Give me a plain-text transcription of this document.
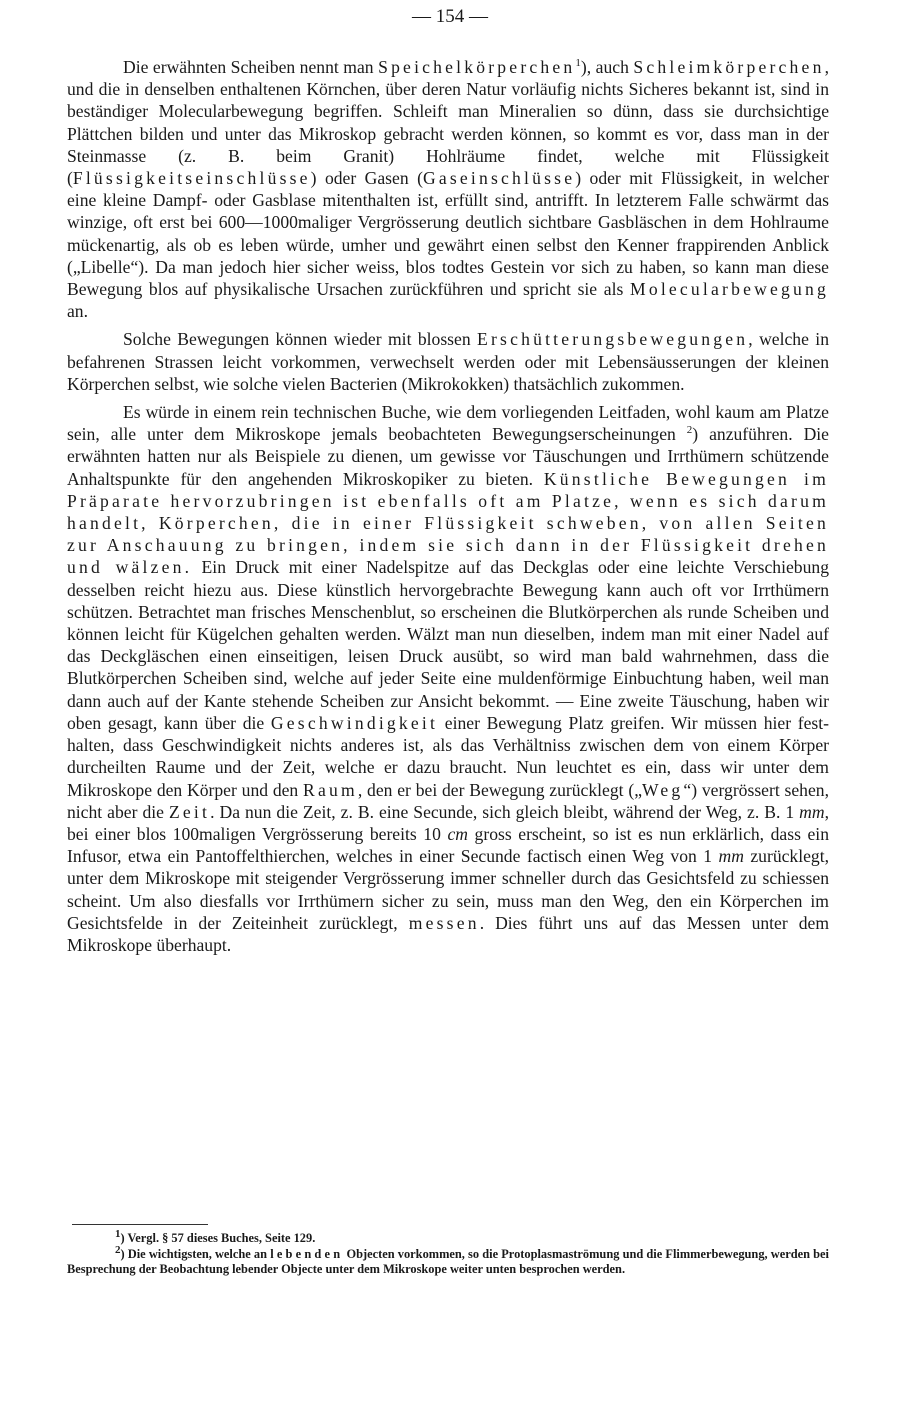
— 154 —

Die erwähnten Scheiben nennt man Speichelkörperchen$^1$), auch Schleimkörperchen, und die in denselben enthaltenen Körnchen, über deren Natur vorläufig nichts Sicheres bekannt ist, sind in beständiger Molecularbewegung begriffen. Schleift man Mineralien so dünn, dass sie durchsichtige Plättchen bilden und unter das Mikroskop gebracht werden können, so kommt es vor, dass man in der Steinmasse (z. B. beim Granit) Hohlräume findet, welche mit Flüssigkeit (Flüssigkeitseinschlüsse) oder Gasen (Gaseinschlüsse) oder mit Flüssigkeit, in welcher eine kleine Dampf- oder Gasblase mitenthalten ist, erfüllt sind, antrifft. In letzterem Falle schwärmt das winzige, oft erst bei 600—1000maliger Vergrösserung deutlich sichtbare Gasbläschen in dem Hohlraume mückenartig, als ob es leben würde, umher und gewährt einen selbst den Kenner frappirenden Anblick („Libelle“). Da man jedoch hier sicher weiss, blos todtes Gestein vor sich zu haben, so kann man diese Bewegung blos auf physikalische Ursachen zurückführen und spricht sie als Molecularbewegung an.

Solche Bewegungen können wieder mit blossen Erschütterungsbewegungen, welche in befahrenen Strassen leicht vorkommen, verwechselt werden oder mit Lebensäusserungen der kleinen Körperchen selbst, wie solche vielen Bacterien (Mikrokokken) thatsächlich zukommen.

Es würde in einem rein technischen Buche, wie dem vorliegenden Leitfaden, wohl kaum am Platze sein, alle unter dem Mikroskope jemals beobachteten Bewegungserscheinungen $^2$) anzuführen. Die erwähnten hatten nur als Beispiele zu dienen, um gewisse vor Täuschungen und Irrthümern schützende Anhaltspunkte für den angehenden Mikroskopiker zu bieten. Künstliche Bewegungen im Präparate hervorzubringen ist ebenfalls oft am Platze, wenn es sich darum handelt, Körperchen, die in einer Flüssigkeit schweben, von allen Seiten zur Anschauung zu bringen, indem sie sich dann in der Flüssigkeit drehen und wälzen. Ein Druck mit einer Nadelspitze auf das Deckglas oder eine leichte Verschiebung desselben reicht hiezu aus. Diese künstlich hervorgebrachte Bewegung kann auch oft vor Irrthümern schützen. Betrachtet man frisches Menschenblut, so erscheinen die Blutkörperchen als runde Scheiben und können leicht für Kügelchen gehalten werden. Wälzt man nun dieselben, indem man mit einer Nadel auf das Deckgläschen einen einseitigen, leisen Druck ausübt, so wird man bald wahrnehmen, dass die Blutkörperchen Scheiben sind, welche auf jeder Seite eine muldenförmige Einbuchtung haben, weil man dann auch auf der Kante stehende Scheiben zur Ansicht bekommt. — Eine zweite Täuschung, haben wir oben gesagt, kann über die Geschwindigkeit einer Bewegung Platz greifen. Wir müssen hier festhalten, dass Geschwindigkeit nichts anderes ist, als das Verhältniss zwischen dem von einem Körper durcheilten Raume und der Zeit, welche er dazu braucht. Nun leuchtet es ein, dass wir unter dem Mikroskope den Körper und den Raum, den er bei der Bewegung zurücklegt („Weg“) vergrössert sehen, nicht aber die Zeit. Da nun die Zeit, z. B. eine Secunde, sich gleich bleibt, während der Weg, z. B. 1 mm, bei einer blos 100maligen Vergrösserung bereits 10 cm gross erscheint, so ist es nun erklärlich, dass ein Infusor, etwa ein Pantoffelthierchen, welches in einer Secunde factisch einen Weg von 1 mm zurücklegt, unter dem Mikroskope mit steigender Vergrösserung immer schneller durch das Gesichtsfeld zu schiessen scheint. Um also diesfalls vor Irrthümern sicher zu sein, muss man den Weg, den ein Körperchen im Gesichtsfelde in der Zeiteinheit zurücklegt, messen. Dies führt uns auf das Messen unter dem Mikroskope überhaupt.

1) Vergl. § 57 dieses Buches, Seite 129.

2) Die wichtigsten, welche an lebenden Objecten vorkommen, so die Protoplasmaströmung und die Flimmerbewegung, werden bei Besprechung der Beobachtung lebender Objecte unter dem Mikroskope weiter unten besprochen werden.
